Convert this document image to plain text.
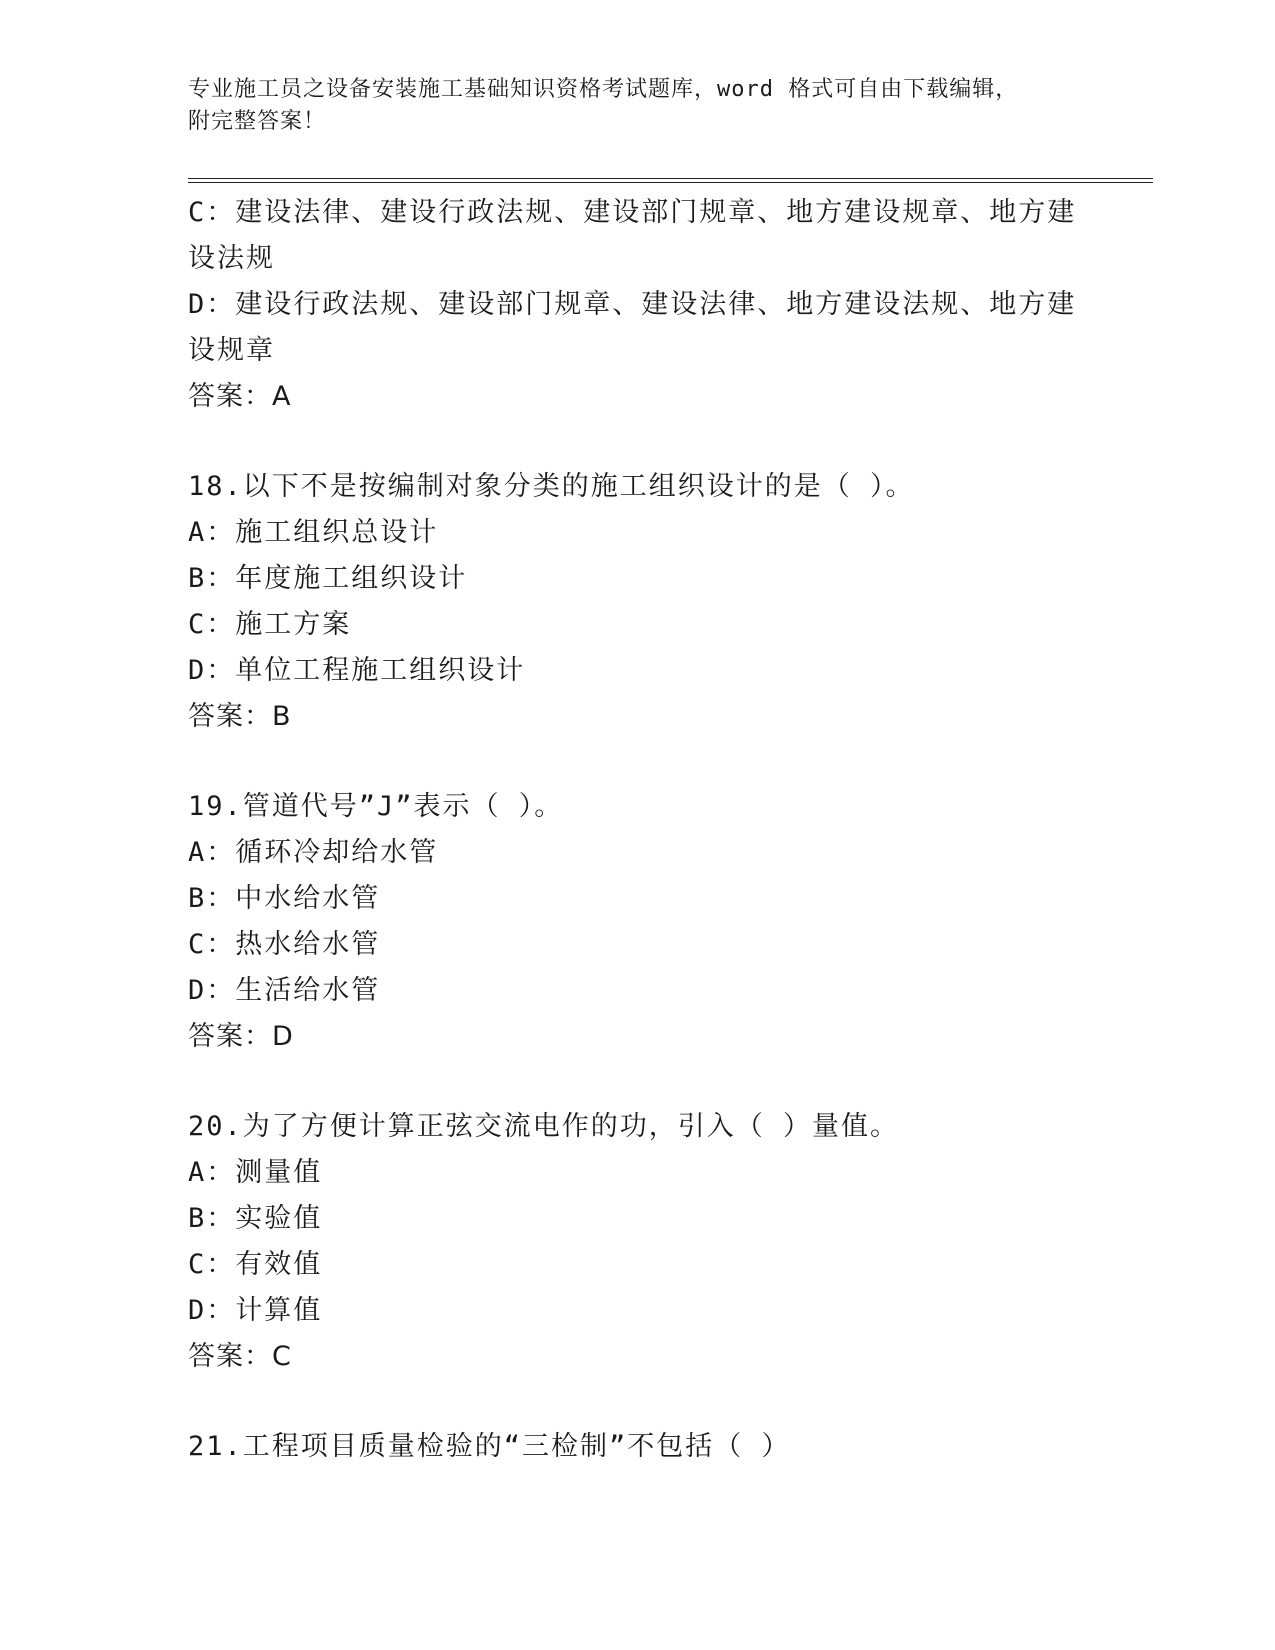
专业施工员之设备安装施工基础知识资格考试题库，word 格式可自由下载编辑，
附完整答案！
C：建设法律、建设行政法规、建设部门规章、地方建设规章、地方建
设法规
D：建设行政法规、建设部门规章、建设法律、地方建设法规、地方建
设规章
答案：A
18.以下不是按编制对象分类的施工组织设计的是（ ）。
A：施工组织总设计
B：年度施工组织设计
C：施工方案
D：单位工程施工组织设计
答案：B
19.管道代号”J”表示（ ）。
A：循环冷却给水管
B：中水给水管
C：热水给水管
D：生活给水管
答案：D
20.为了方便计算正弦交流电作的功，引入（ ）量值。
A：测量值
B：实验值
C：有效值
D：计算值
答案：C
21.工程项目质量检验的“三检制”不包括（ ）
